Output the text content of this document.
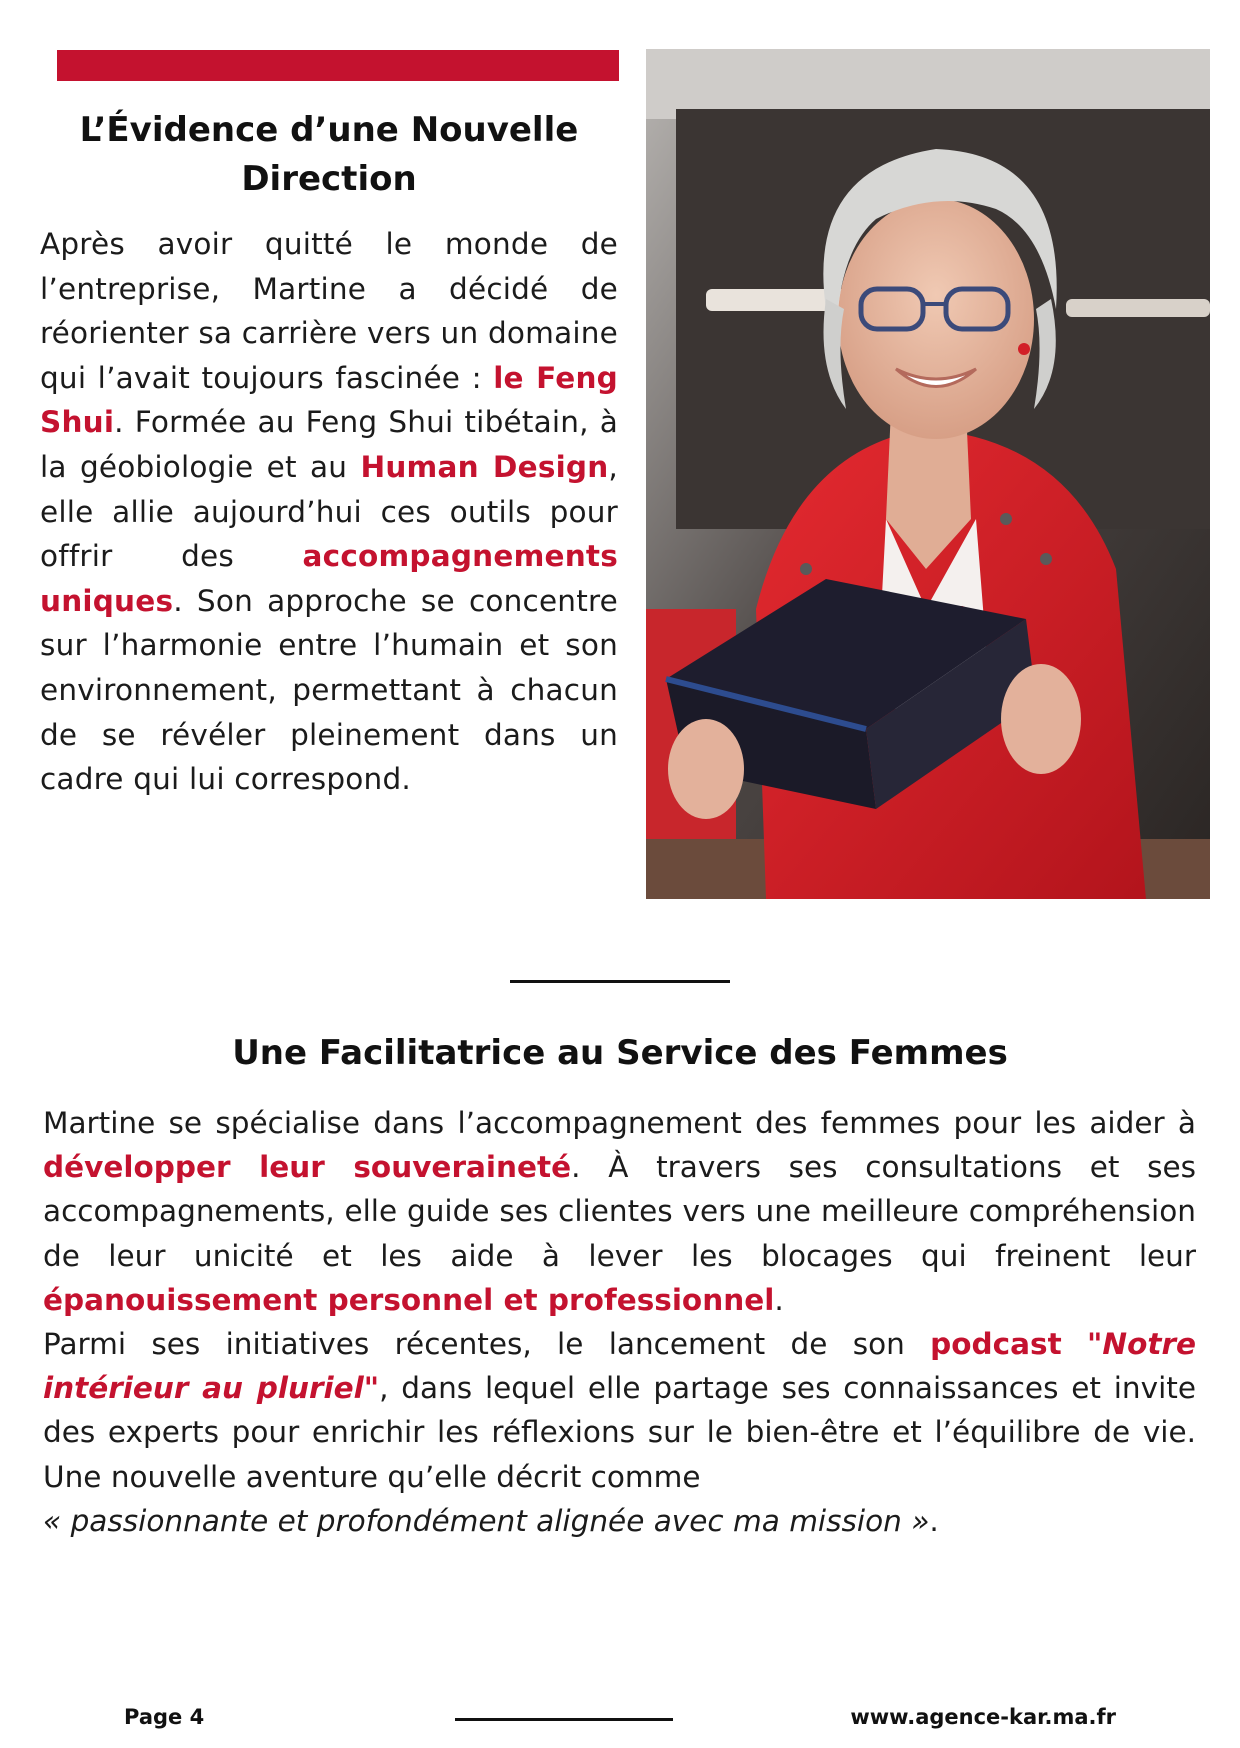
L’Évidence d’une Nouvelle Direction

Après avoir quitté le monde de l’entreprise, Martine a décidé de réorienter sa carrière vers un domaine qui l’avait toujours fascinée : le Feng Shui. Formée au Feng Shui tibétain, à la géobiologie et au Human Design, elle allie aujourd’hui ces outils pour offrir des accompagnements uniques. Son approche se concentre sur l’harmonie entre l’humain et son environnement, permettant à chacun de se révéler pleinement dans un cadre qui lui correspond.

Une Facilitatrice au Service des Femmes

Martine se spécialise dans l’accompagnement des femmes pour les aider à développer leur souveraineté. À travers ses consultations et ses accompagnements, elle guide ses clientes vers une meilleure compréhension de leur unicité et les aide à lever les blocages qui freinent leur épanouissement personnel et professionnel.

Parmi ses initiatives récentes, le lancement de son podcast "Notre intérieur au pluriel", dans lequel elle partage ses connaissances et invite des experts pour enrichir les réflexions sur le bien-être et l’équilibre de vie. Une nouvelle aventure qu’elle décrit comme

« passionnante et profondément alignée avec ma mission ».

Page 4	www.agence-kar.ma.fr
